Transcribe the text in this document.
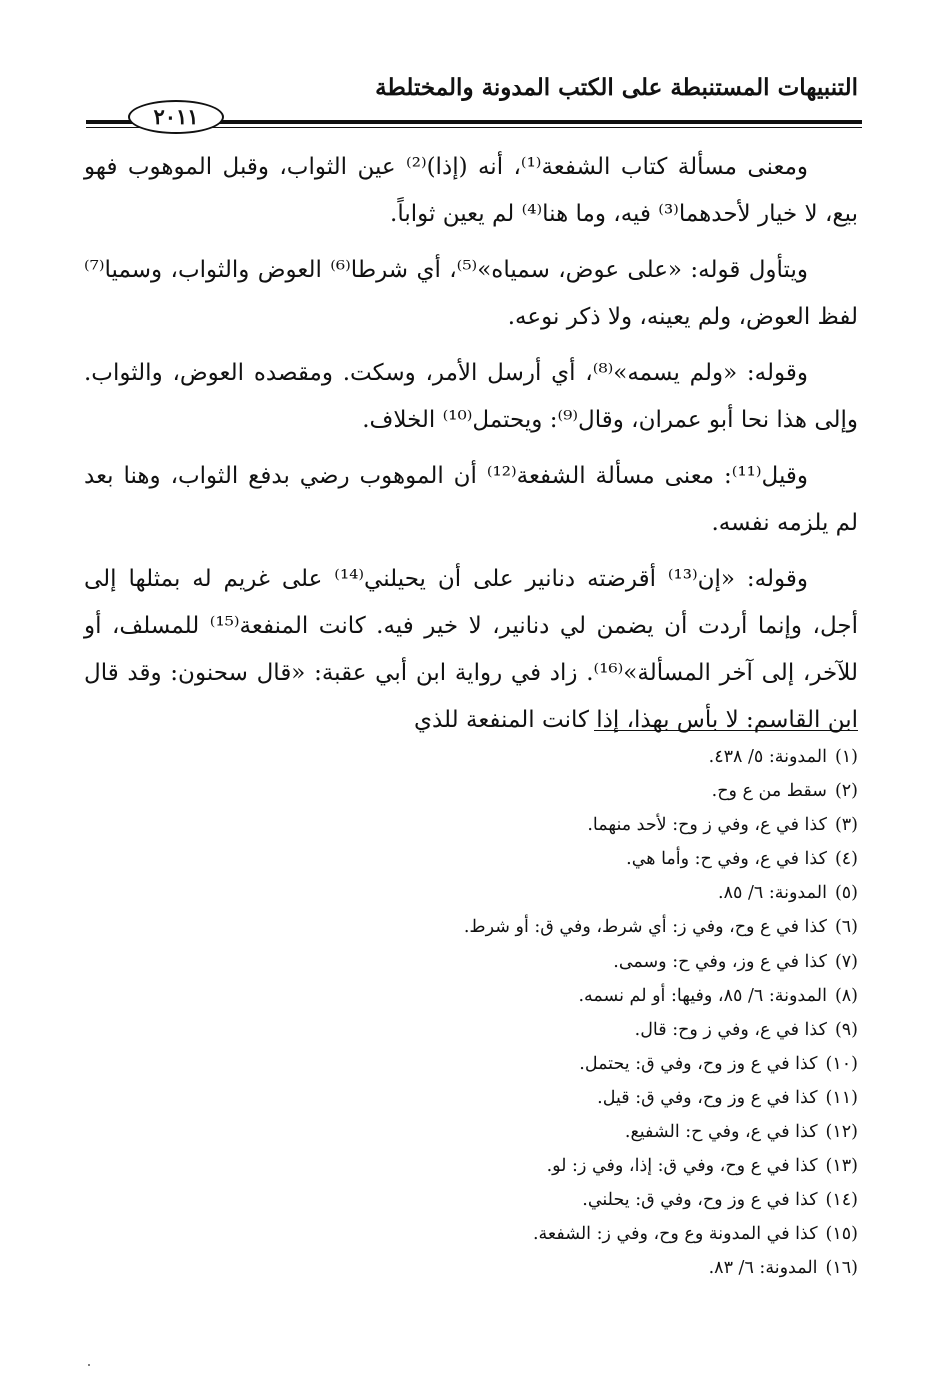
التنبيهات المستنبطة على الكتب المدونة والمختلطة
٢٠١١

ومعنى مسألة كتاب الشفعة⁽¹⁾، أنه (إذا)⁽²⁾ عين الثواب، وقبل الموهوب فهو بيع، لا خيار لأحدهما⁽³⁾ فيه، وما هنا⁽⁴⁾ لم يعين ثواباً.

ويتأول قوله: «على عوض، سمياه»⁽⁵⁾، أي شرطا⁽⁶⁾ العوض والثواب، وسميا⁽⁷⁾ لفظ العوض، ولم يعينه، ولا ذكر نوعه.

وقوله: «ولم يسمه»⁽⁸⁾، أي أرسل الأمر، وسكت. ومقصده العوض، والثواب. وإلى هذا نحا أبو عمران، وقال⁽⁹⁾: ويحتمل⁽¹⁰⁾ الخلاف.

وقيل⁽¹¹⁾: معنى مسألة الشفعة⁽¹²⁾ أن الموهوب رضي بدفع الثواب، وهنا بعد لم يلزمه نفسه.

وقوله: «إن⁽¹³⁾ أقرضته دنانير على أن يحيلني⁽¹⁴⁾ على غريم له بمثلها إلى أجل، وإنما أردت أن يضمن لي دنانير، لا خير فيه. كانت المنفعة⁽¹⁵⁾ للمسلف، أو للآخر، إلى آخر المسألة»⁽¹⁶⁾. زاد في رواية ابن أبي عقبة: «قال سحنون: وقد قال ابن القاسم: لا بأس بهذا، إذا كانت المنفعة للذي

(١)المدونة: ٥/ ٤٣٨.
(٢)سقط من ع وح.
(٣)كذا في ع، وفي ز وح: لأحد منهما.
(٤)كذا في ع، وفي ح: وأما هي.
(٥)المدونة: ٦/ ٨٥.
(٦)كذا في ع وح، وفي ز: أي شرط، وفي ق: أو شرط.
(٧)كذا في ع وز، وفي ح: وسمى.
(٨)المدونة: ٦/ ٨٥، وفيها: أو لم نسمه.
(٩)كذا في ع، وفي ز وح: قال.
(١٠)كذا في ع وز وح، وفي ق: يحتمل.
(١١)كذا في ع وز وح، وفي ق: قيل.
(١٢)كذا في ع، وفي ح: الشفيع.
(١٣)كذا في ع وح، وفي ق: إذا، وفي ز: لو.
(١٤)كذا في ع وز وح، وفي ق: يحلني.
(١٥)كذا في المدونة وع وح، وفي ز: الشفعة.
(١٦)المدونة: ٦/ ٨٣.
